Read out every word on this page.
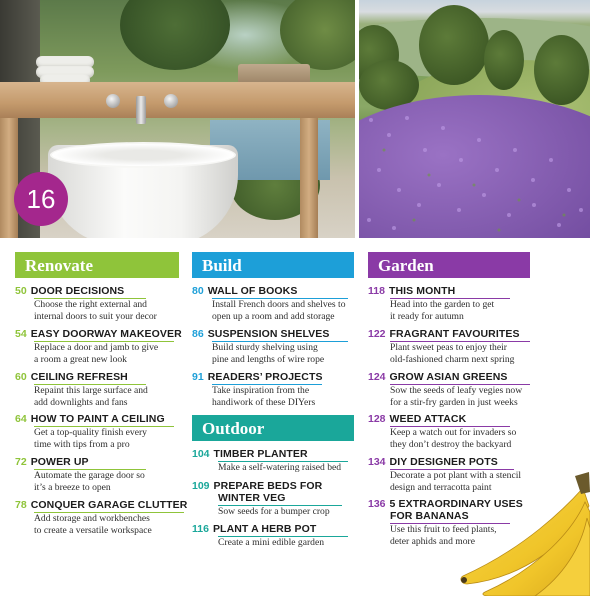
16
Renovate	Build	Garden
Outdoor
50 DOOR DECISIONS
Choose the right external and
internal doors to suit your decor
54 EASY DOORWAY MAKEOVER
Replace a door and jamb to give
a room a great new look
60 CEILING REFRESH
Repaint this large surface and
add downlights and fans
64 HOW TO PAINT A CEILING
Get a top-quality finish every
time with tips from a pro
72 POWER UP
Automate the garage door so
it’s a breeze to open
78 CONQUER GARAGE CLUTTER
Add storage and workbenches
to create a versatile workspace
80 WALL OF BOOKS
Install French doors and shelves to
open up a room and add storage
86 SUSPENSION SHELVES
Build sturdy shelving using
pine and lengths of wire rope
91 READERS’ PROJECTS
Take inspiration from the
handiwork of these DIYers
104 TIMBER PLANTER
Make a self-watering raised bed
109 PREPARE BEDS FOR
WINTER VEG
Sow seeds for a bumper crop
116 PLANT A HERB POT
Create a mini edible garden
118 THIS MONTH
Head into the garden to get
it ready for autumn
122 FRAGRANT FAVOURITES
Plant sweet peas to enjoy their
old-fashioned charm next spring
124 GROW ASIAN GREENS
Sow the seeds of leafy vegies now
for a stir-fry garden in just weeks
128 WEED ATTACK
Keep a watch out for invaders so
they don’t destroy the backyard
134 DIY DESIGNER POTS
Decorate a pot plant with a stencil
design and terracotta paint
136 5 EXTRAORDINARY USES
FOR BANANAS
Use this fruit to feed plants,
deter aphids and more
